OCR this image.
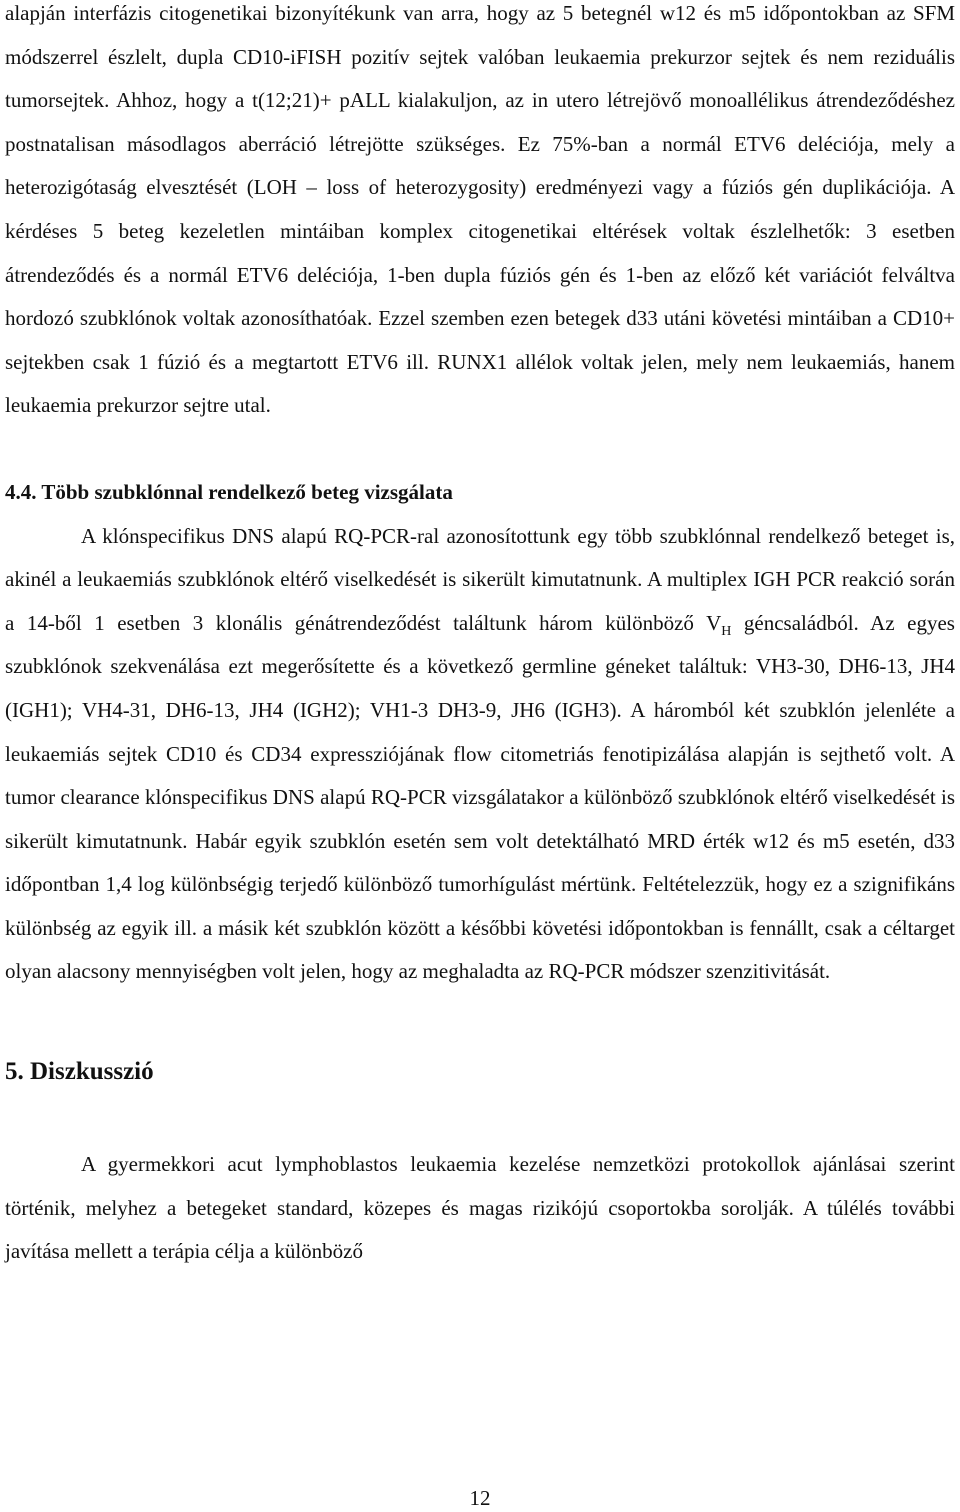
alapján interfázis citogenetikai bizonyítékunk van arra, hogy az 5 betegnél w12 és m5 időpontokban az SFM módszerrel észlelt, dupla CD10-iFISH pozitív sejtek valóban leukaemia prekurzor sejtek és nem reziduális tumorsejtek. Ahhoz, hogy a t(12;21)+ pALL kialakuljon, az in utero létrejövő monoallélikus átrendeződéshez postnatalisan másodlagos aberráció létrejötte szükséges. Ez 75%-ban a normál ETV6 deléciója, mely a heterozigótaság elvesztését (LOH – loss of heterozygosity) eredményezi vagy a fúziós gén duplikációja. A kérdéses 5 beteg kezeletlen mintáiban komplex citogenetikai eltérések voltak észlelhetők: 3 esetben átrendeződés és a normál ETV6 deléciója, 1-ben dupla fúziós gén és 1-ben az előző két variációt felváltva hordozó szubklónok voltak azonosíthatóak. Ezzel szemben ezen betegek d33 utáni követési mintáiban a CD10+ sejtekben csak 1 fúzió és a megtartott ETV6 ill. RUNX1 allélok voltak jelen, mely nem leukaemiás, hanem leukaemia prekurzor sejtre utal.

4.4. Több szubklónnal rendelkező beteg vizsgálata

A klónspecifikus DNS alapú RQ-PCR-ral azonosítottunk egy több szubklónnal rendelkező beteget is, akinél a leukaemiás szubklónok eltérő viselkedését is sikerült kimutatnunk. A multiplex IGH PCR reakció során a 14-ből 1 esetben 3 klonális génátrendeződést találtunk három különböző $V_H$ géncsaládból. Az egyes szubklónok szekvenálása ezt megerősítette és a következő germline géneket találtuk: VH3-30, DH6-13, JH4 (IGH1); VH4-31, DH6-13, JH4 (IGH2); VH1-3 DH3-9, JH6 (IGH3). A háromból két szubklón jelenléte a leukaemiás sejtek CD10 és CD34 expressziójának flow citometriás fenotipizálása alapján is sejthető volt. A tumor clearance klónspecifikus DNS alapú RQ-PCR vizsgálatakor a különböző szubklónok eltérő viselkedését is sikerült kimutatnunk. Habár egyik szubklón esetén sem volt detektálható MRD érték w12 és m5 esetén, d33 időpontban 1,4 log különbségig terjedő különböző tumorhígulást mértünk. Feltételezzük, hogy ez a szignifikáns különbség az egyik ill. a másik két szubklón között a későbbi követési időpontokban is fennállt, csak a céltarget olyan alacsony mennyiségben volt jelen, hogy az meghaladta az RQ-PCR módszer szenzitivitását.

5. Diszkusszió

A gyermekkori acut lymphoblastos leukaemia kezelése nemzetközi protokollok ajánlásai szerint történik, melyhez a betegeket standard, közepes és magas rizikójú csoportokba sorolják. A túlélés további javítása mellett a terápia célja a különböző

12
